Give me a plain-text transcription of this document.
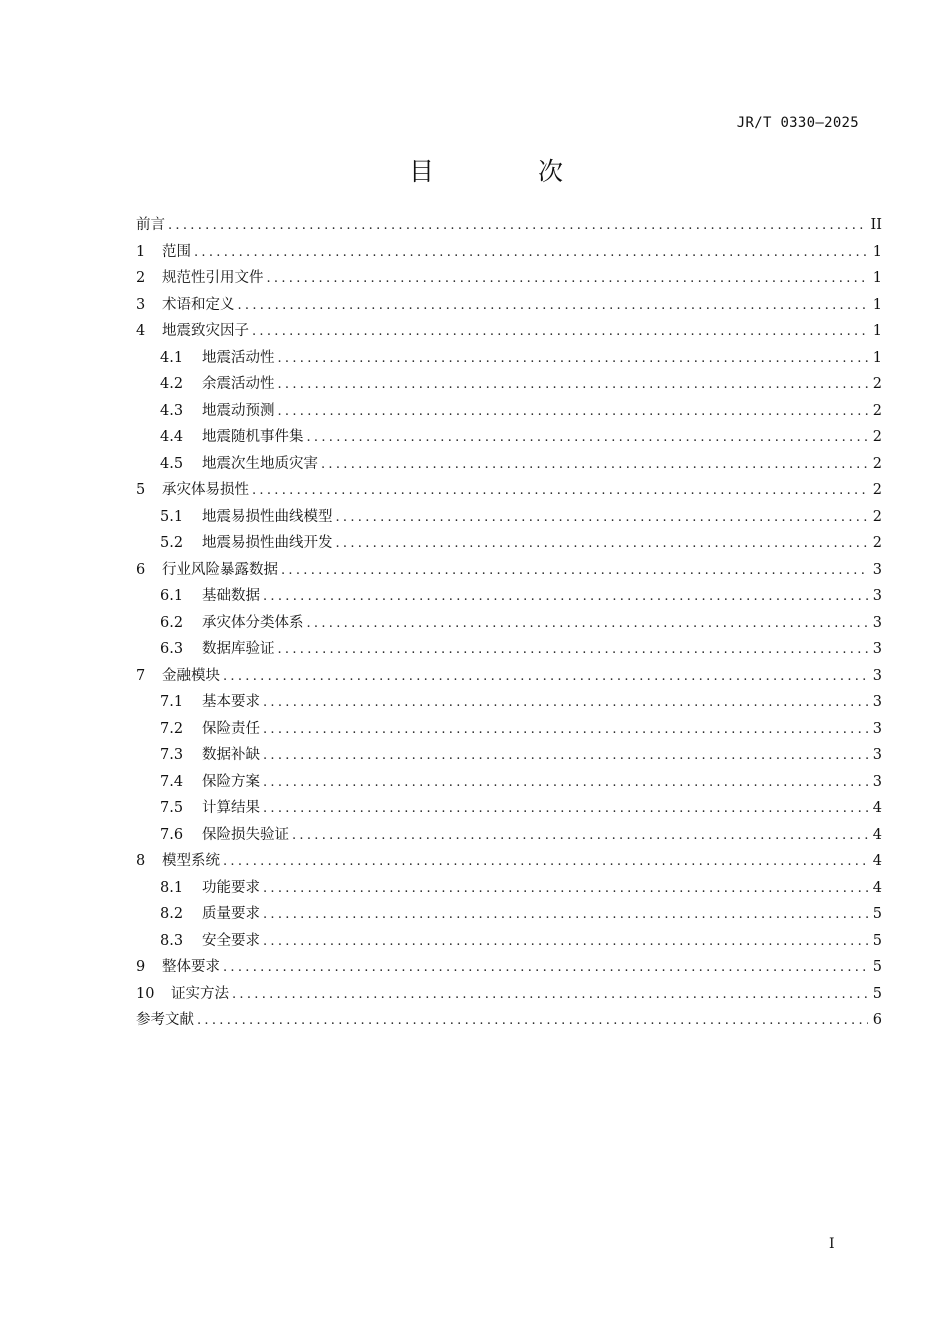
JR/T 0330—2025
目 次
前言 .....	II
1	范围 .....	1
2	规范性引用文件 .....	1
3	术语和定义 .....	1
4	地震致灾因子 .....	1
4.1	地震活动性 .....	1
4.2	余震活动性 .....	2
4.3	地震动预测 .....	2
4.4	地震随机事件集 .....	2
4.5	地震次生地质灾害 .....	2
5	承灾体易损性 .....	2
5.1	地震易损性曲线模型 .....	2
5.2	地震易损性曲线开发 .....	2
6	行业风险暴露数据 .....	3
6.1	基础数据 .....	3
6.2	承灾体分类体系 .....	3
6.3	数据库验证 .....	3
7	金融模块 .....	3
7.1	基本要求 .....	3
7.2	保险责任 .....	3
7.3	数据补缺 .....	3
7.4	保险方案 .....	3
7.5	计算结果 .....	4
7.6	保险损失验证 .....	4
8	模型系统 .....	4
8.1	功能要求 .....	4
8.2	质量要求 .....	5
8.3	安全要求 .....	5
9	整体要求 .....	5
10	证实方法 .....	5
参考文献 .....	6
I
